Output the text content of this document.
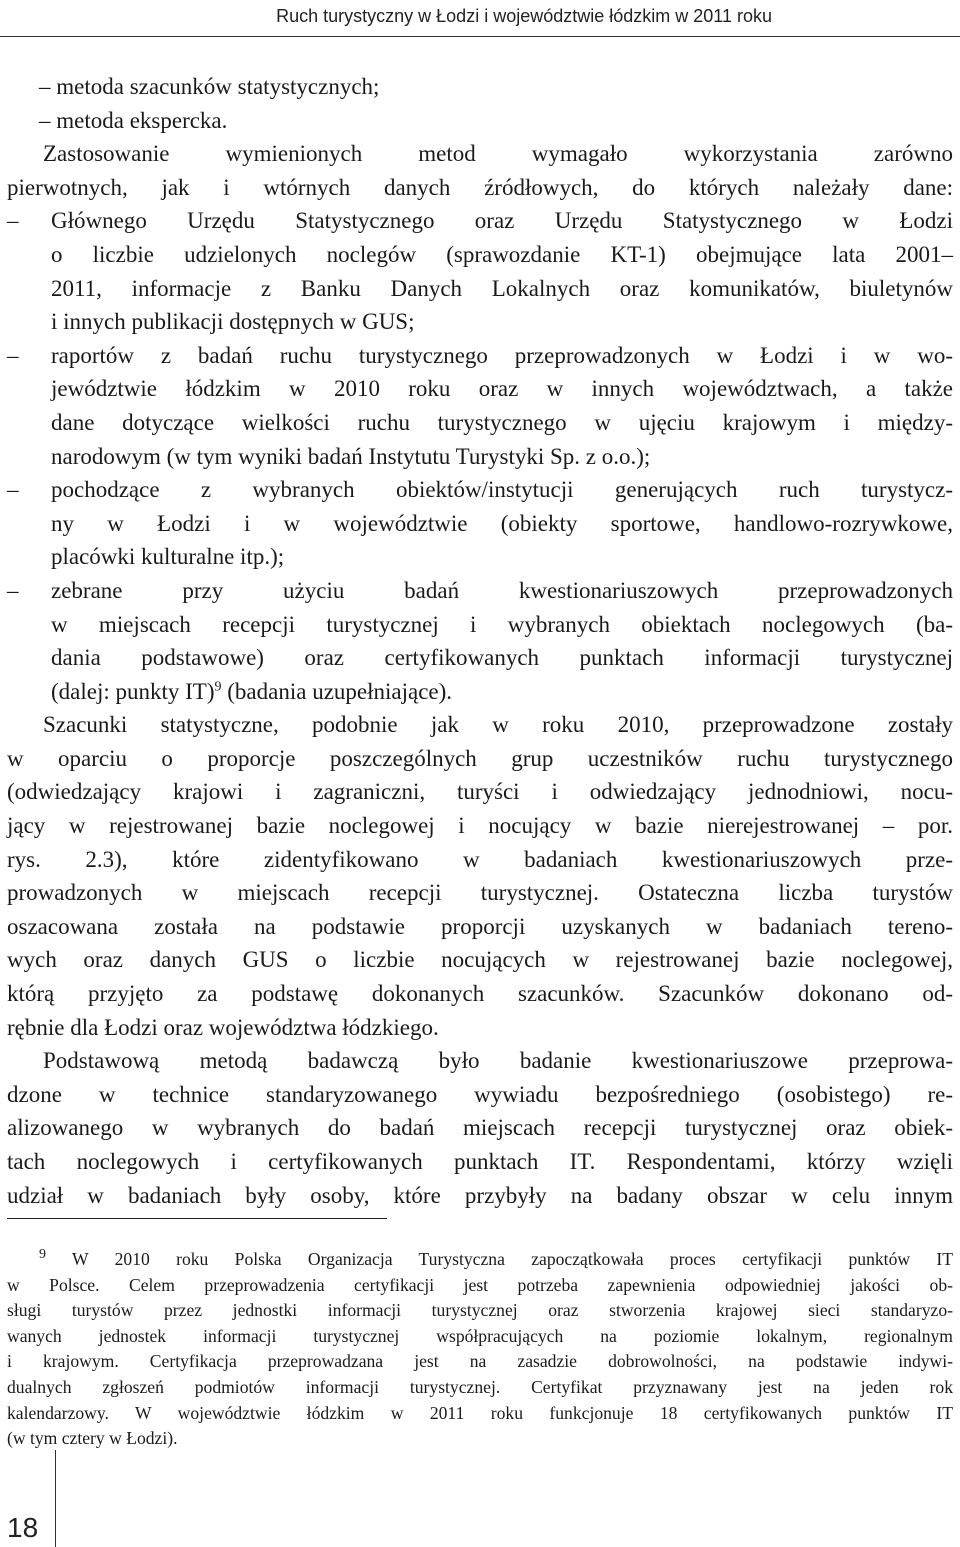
Ruch turystyczny w Łodzi i województwie łódzkim w 2011 roku
– metoda szacunków statystycznych;
– metoda ekspercka.
Zastosowanie wymienionych metod wymagało wykorzystania zarówno
pierwotnych, jak i wtórnych danych źródłowych, do których należały dane:
– Głównego Urzędu Statystycznego oraz Urzędu Statystycznego w Łodzi
o liczbie udzielonych noclegów (sprawozdanie KT-1) obejmujące lata 2001–
2011, informacje z Banku Danych Lokalnych oraz komunikatów, biuletynów
i innych publikacji dostępnych w GUS;
– raportów z badań ruchu turystycznego przeprowadzonych w Łodzi i w wo-
jewództwie łódzkim w 2010 roku oraz w innych województwach, a także
dane dotyczące wielkości ruchu turystycznego w ujęciu krajowym i między-
narodowym (w tym wyniki badań Instytutu Turystyki Sp. z o.o.);
– pochodzące z wybranych obiektów/instytucji generujących ruch turystycz-
ny w Łodzi i w województwie (obiekty sportowe, handlowo-rozrywkowe,
placówki kulturalne itp.);
– zebrane przy użyciu badań kwestionariuszowych przeprowadzonych
w miejscach recepcji turystycznej i wybranych obiektach noclegowych (ba-
dania podstawowe) oraz certyfikowanych punktach informacji turystycznej
(dalej: punkty IT)$^9$ (badania uzupełniające).
Szacunki statystyczne, podobnie jak w roku 2010, przeprowadzone zostały
w oparciu o proporcje poszczególnych grup uczestników ruchu turystycznego
(odwiedzający krajowi i zagraniczni, turyści i odwiedzający jednodniowi, nocu-
jący w rejestrowanej bazie noclegowej i nocujący w bazie nierejestrowanej – por.
rys. 2.3), które zidentyfikowano w badaniach kwestionariuszowych prze-
prowadzonych w miejscach recepcji turystycznej. Ostateczna liczba turystów
oszacowana została na podstawie proporcji uzyskanych w badaniach tereno-
wych oraz danych GUS o liczbie nocujących w rejestrowanej bazie noclegowej,
którą przyjęto za podstawę dokonanych szacunków. Szacunków dokonano od-
rębnie dla Łodzi oraz województwa łódzkiego.
Podstawową metodą badawczą było badanie kwestionariuszowe przeprowa-
dzone w technice standaryzowanego wywiadu bezpośredniego (osobistego) re-
alizowanego w wybranych do badań miejscach recepcji turystycznej oraz obiek-
tach noclegowych i certyfikowanych punktach IT. Respondentami, którzy wzięli
udział w badaniach były osoby, które przybyły na badany obszar w celu innym
$^9$ W 2010 roku Polska Organizacja Turystyczna zapoczątkowała proces certyfikacji punktów IT
w Polsce. Celem przeprowadzenia certyfikacji jest potrzeba zapewnienia odpowiedniej jakości ob-
sługi turystów przez jednostki informacji turystycznej oraz stworzenia krajowej sieci standaryzo-
wanych jednostek informacji turystycznej współpracujących na poziomie lokalnym, regionalnym
i krajowym. Certyfikacja przeprowadzana jest na zasadzie dobrowolności, na podstawie indywi-
dualnych zgłoszeń podmiotów informacji turystycznej. Certyfikat przyznawany jest na jeden rok
kalendarzowy. W województwie łódzkim w 2011 roku funkcjonuje 18 certyfikowanych punktów IT
(w tym cztery w Łodzi).
18
